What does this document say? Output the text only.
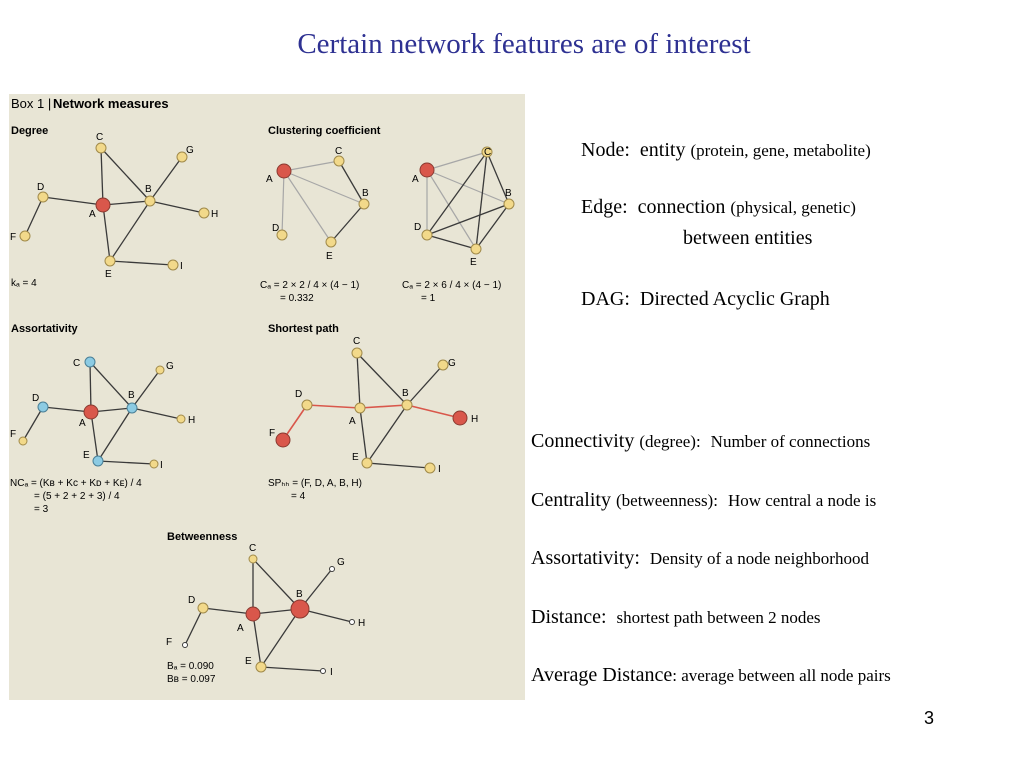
Certain network features are of interest
Box 1 | Network measures
Degree
A
B
C
D
E
F
G
H
I
kₐ = 4
Clustering coefficient
A
B
C
D
E
Cₐ = 2 × 2 / 4 × (4 − 1)
= 0.332
A
B
C
D
E
Cₐ = 2 × 6 / 4 × (4 − 1)
= 1
Assortativity
A
B
C
D
E
F
G
H
I
NCₐ = (Kʙ + Kᴄ + Kᴅ + Kᴇ) / 4
= (5 + 2 + 2 + 3) / 4
= 3
Shortest path
A
B
C
D
E
F
G
H
I
SPₕₕ = (F, D, A, B, H)
= 4
Betweenness
A
B
C
D
E
F
G
H
I
Bₐ = 0.090
Bʙ = 0.097
Node: entity (protein, gene, metabolite)
Edge: connection (physical, genetic)
between entities
DAG: Directed Acyclic Graph
Connectivity (degree): Number of connections
Centrality (betweenness): How central a node is
Assortativity: Density of a node neighborhood
Distance: shortest path between 2 nodes
Average Distance: average between all node pairs
3
